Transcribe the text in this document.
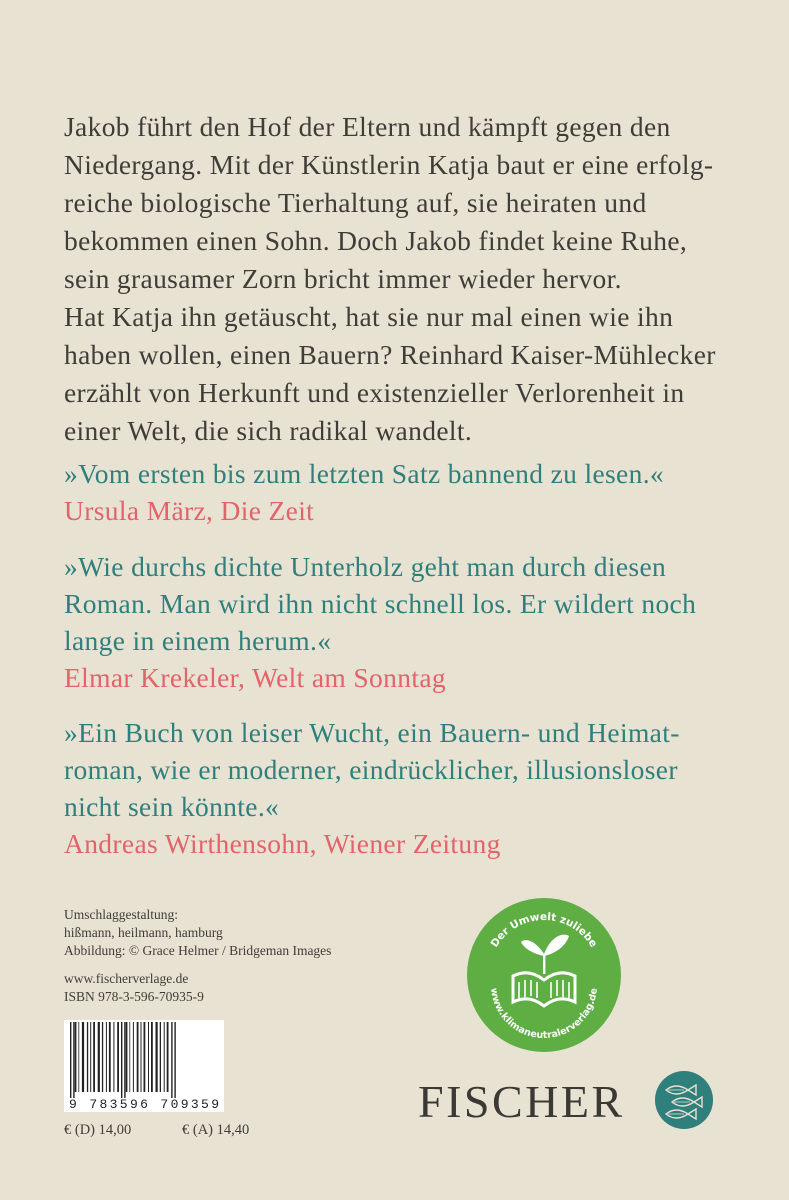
Jakob führt den Hof der Eltern und kämpft gegen den
Niedergang. Mit der Künstlerin Katja baut er eine erfolg-
reiche biologische Tierhaltung auf, sie heiraten und
bekommen einen Sohn. Doch Jakob findet keine Ruhe,
sein grausamer Zorn bricht immer wieder hervor.
Hat Katja ihn getäuscht, hat sie nur mal einen wie ihn
haben wollen, einen Bauern? Reinhard Kaiser-Mühlecker
erzählt von Herkunft und existenzieller Verlorenheit in
einer Welt, die sich radikal wandelt.

»Vom ersten bis zum letzten Satz bannend zu lesen.«
Ursula März, Die Zeit
»Wie durchs dichte Unterholz geht man durch diesen
Roman. Man wird ihn nicht schnell los. Er wildert noch
lange in einem herum.«
Elmar Krekeler, Welt am Sonntag
»Ein Buch von leiser Wucht, ein Bauern- und Heimat-
roman, wie er moderner, eindrücklicher, illusionsloser
nicht sein könnte.«
Andreas Wirthensohn, Wiener Zeitung
Umschlaggestaltung:
hißmann, heilmann, hamburg
Abbildung: © Grace Helmer / Bridgeman Images
www.fischerverlage.de
ISBN 978-3-596-70935-9
9 783596 709359
€ (D) 14,00	€ (A) 14,40
Der Umwelt zuliebe
www.klimaneutralerverlag.de
FISCHER
